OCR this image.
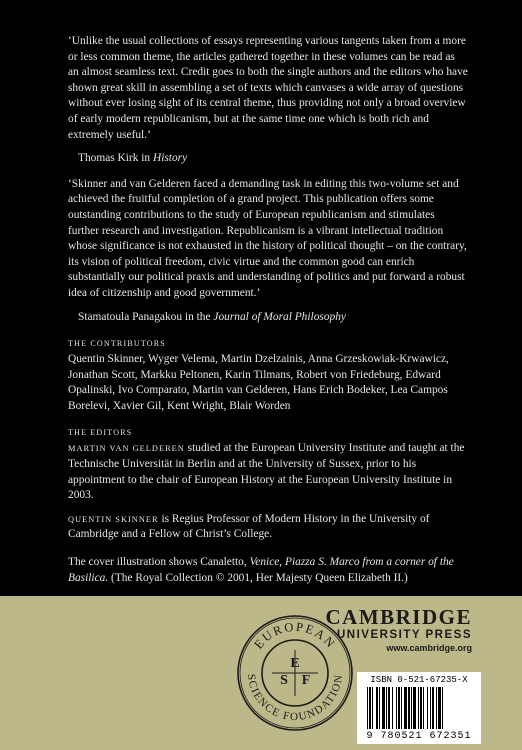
‘Unlike the usual collections of essays representing various tangents taken from a more or less common theme, the articles gathered together in these volumes can be read as an almost seamless text. Credit goes to both the single authors and the editors who have shown great skill in assembling a set of texts which canvases a wide array of questions without ever losing sight of its central theme, thus providing not only a broad overview of early modern republicanism, but at the same time one which is both rich and extremely useful.’

Thomas Kirk in History

‘Skinner and van Gelderen faced a demanding task in editing this two-volume set and achieved the fruitful completion of a grand project. This publication offers some outstanding contributions to the study of European republicanism and stimulates further research and investigation. Republicanism is a vibrant intellectual tradition whose significance is not exhausted in the history of political thought – on the contrary, its vision of political freedom, civic virtue and the common good can enrich substantially our political praxis and understanding of politics and put forward a robust idea of citizenship and good government.’

Stamatoula Panagakou in the Journal of Moral Philosophy

THE CONTRIBUTORS

Quentin Skinner, Wyger Velema, Martin Dzelzainis, Anna Grzeskowiak-Krwawicz, Jonathan Scott, Markku Peltonen, Karin Tilmans, Robert von Friedeburg, Edward Opalinski, Ivo Comparato, Martin van Gelderen, Hans Erich Bodeker, Lea Campos Borelevi, Xavier Gil, Kent Wright, Blair Worden

THE EDITORS

MARTIN VAN GELDEREN studied at the European University Institute and taught at the Technische Universität in Berlin and at the University of Sussex, prior to his appointment to the chair of European History at the European University Institute in 2003.

QUENTIN SKINNER is Regius Professor of Modern History in the University of Cambridge and a Fellow of Christ’s College.

The cover illustration shows Canaletto, Venice, Piazza S. Marco from a corner of the Basilica. (The Royal Collection © 2001, Her Majesty Queen Elizabeth II.)

EUROPEAN
SCIENCE FOUNDATION
E
S F
CAMBRIDGE
UNIVERSITY PRESS
www.cambridge.org
ISBN 0-521-67235-X
9 780521 672351
